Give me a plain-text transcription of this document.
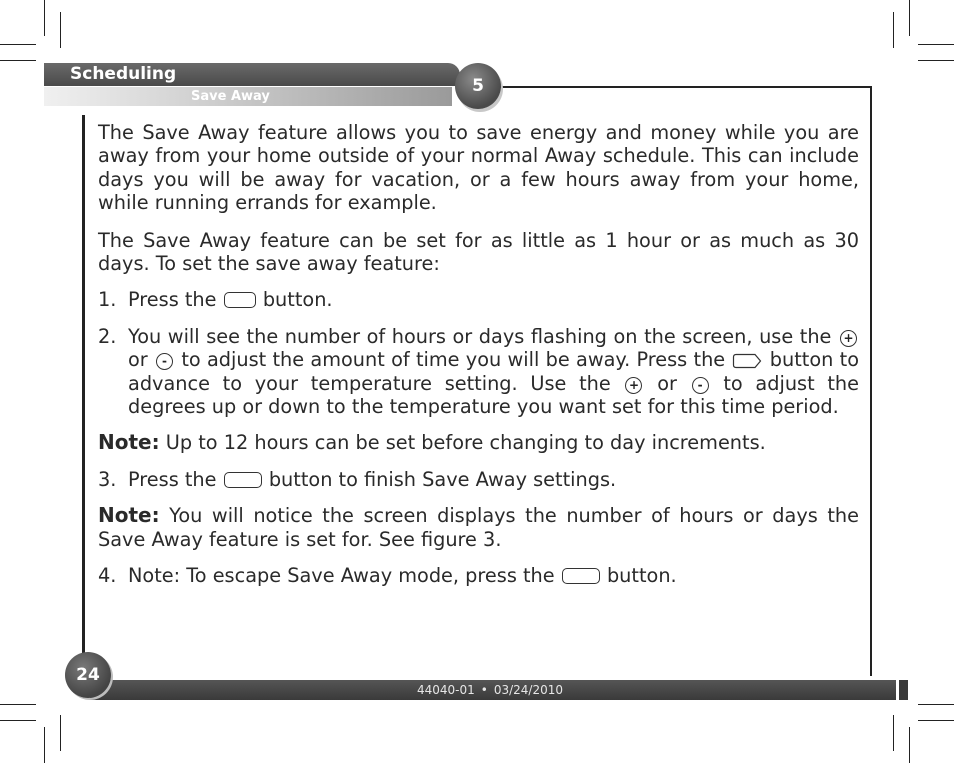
Scheduling
Save Away
5

The Save Away feature allows you to save energy and money while you are away from your home outside of your normal Away schedule. This can include days you will be away for vacation, or a few hours away from your home, while running errands for example.

The Save Away feature can be set for as little as 1 hour or as much as 30 days. To set the save away feature:

1. Press the button.
2. You will see the number of hours or days flashing on the screen, use the + or - to adjust the amount of time you will be away. Press the button to advance to your temperature setting. Use the + or - to adjust the degrees up or down to the temperature you want set for this time period.

Note: Up to 12 hours can be set before changing to day increments.

3. Press the	button to finish Save Away settings.

Note: You will notice the screen displays the number of hours or days the Save Away feature is set for. See figure 3.

4. Note: To escape Save Away mode, press the	button.
44040-01 • 03/24/2010
24
